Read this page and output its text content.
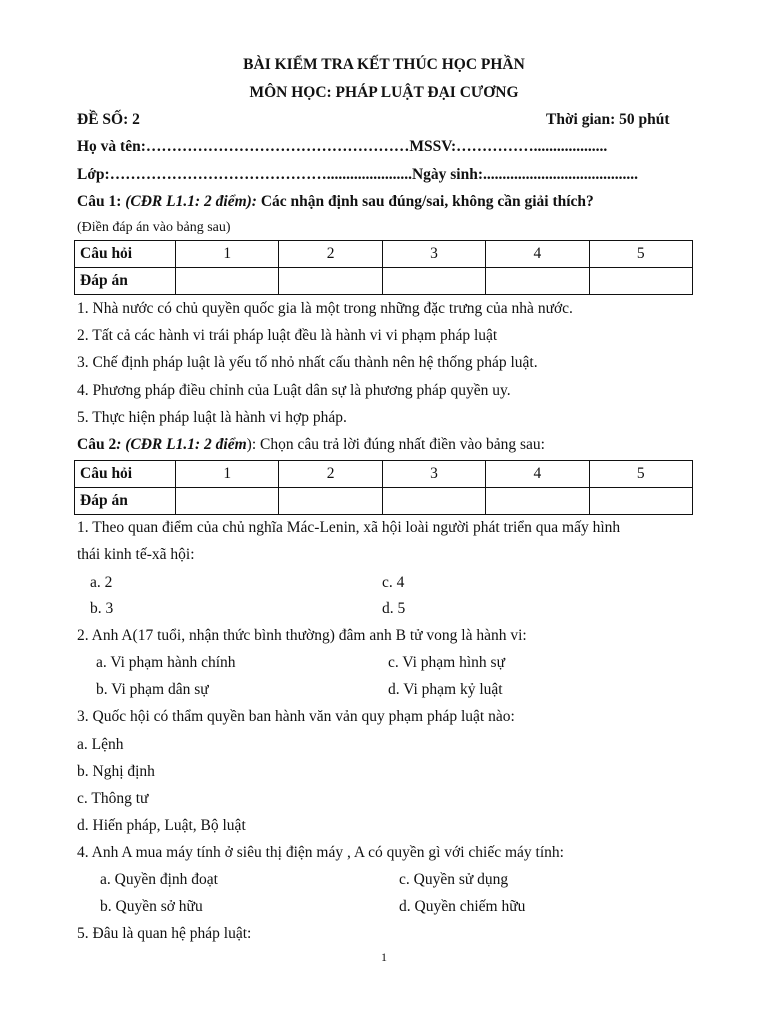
BÀI KIỂM TRA KẾT THÚC HỌC PHẦN
MÔN HỌC: PHÁP LUẬT ĐẠI CƯƠNG
ĐỀ SỐ: 2	Thời gian: 50 phút
Họ và tên:……………………………………………MSSV:……………...................
Lớp:……………………………………......................Ngày sinh:........................................
Câu 1: (CĐR L1.1: 2 điểm): Các nhận định sau đúng/sai, không cần giải thích?
(Điền đáp án vào bảng sau)
Câu hỏi	1	2	3	4	5
Đáp án					
1. Nhà nước có chủ quyền quốc gia là một trong những đặc trưng của nhà nước.
2. Tất cả các hành vi trái pháp luật đều là hành vi vi phạm pháp luật
3. Chế định pháp luật là yếu tố nhỏ nhất cấu thành nên hệ thống pháp luật.
4. Phương pháp điều chỉnh của Luật dân sự là phương pháp quyền uy.
5. Thực hiện pháp luật là hành vi hợp pháp.
Câu 2: (CĐR L1.1: 2 điểm): Chọn câu trả lời đúng nhất điền vào bảng sau:
Câu hỏi	1	2	3	4	5
Đáp án					
1. Theo quan điểm của chủ nghĩa Mác-Lenin, xã hội loài người phát triển qua mấy hình
thái kinh tế-xã hội:
a. 2	c. 4
b. 3	d. 5
2. Anh A(17 tuổi, nhận thức bình thường) đâm anh B tử vong là hành vi:
a. Vi phạm hành chính	c. Vi phạm hình sự
b. Vi phạm dân sự	d. Vi phạm kỷ luật
3. Quốc hội có thẩm quyền ban hành văn vản quy phạm pháp luật nào:
a. Lệnh
b. Nghị định
c. Thông tư
d. Hiến pháp, Luật, Bộ luật
4. Anh A mua máy tính ở siêu thị điện máy , A có quyền gì với chiếc máy tính:
a. Quyền định đoạt	c. Quyền sử dụng
b. Quyền sở hữu	d. Quyền chiếm hữu
5. Đâu là quan hệ pháp luật:
1
